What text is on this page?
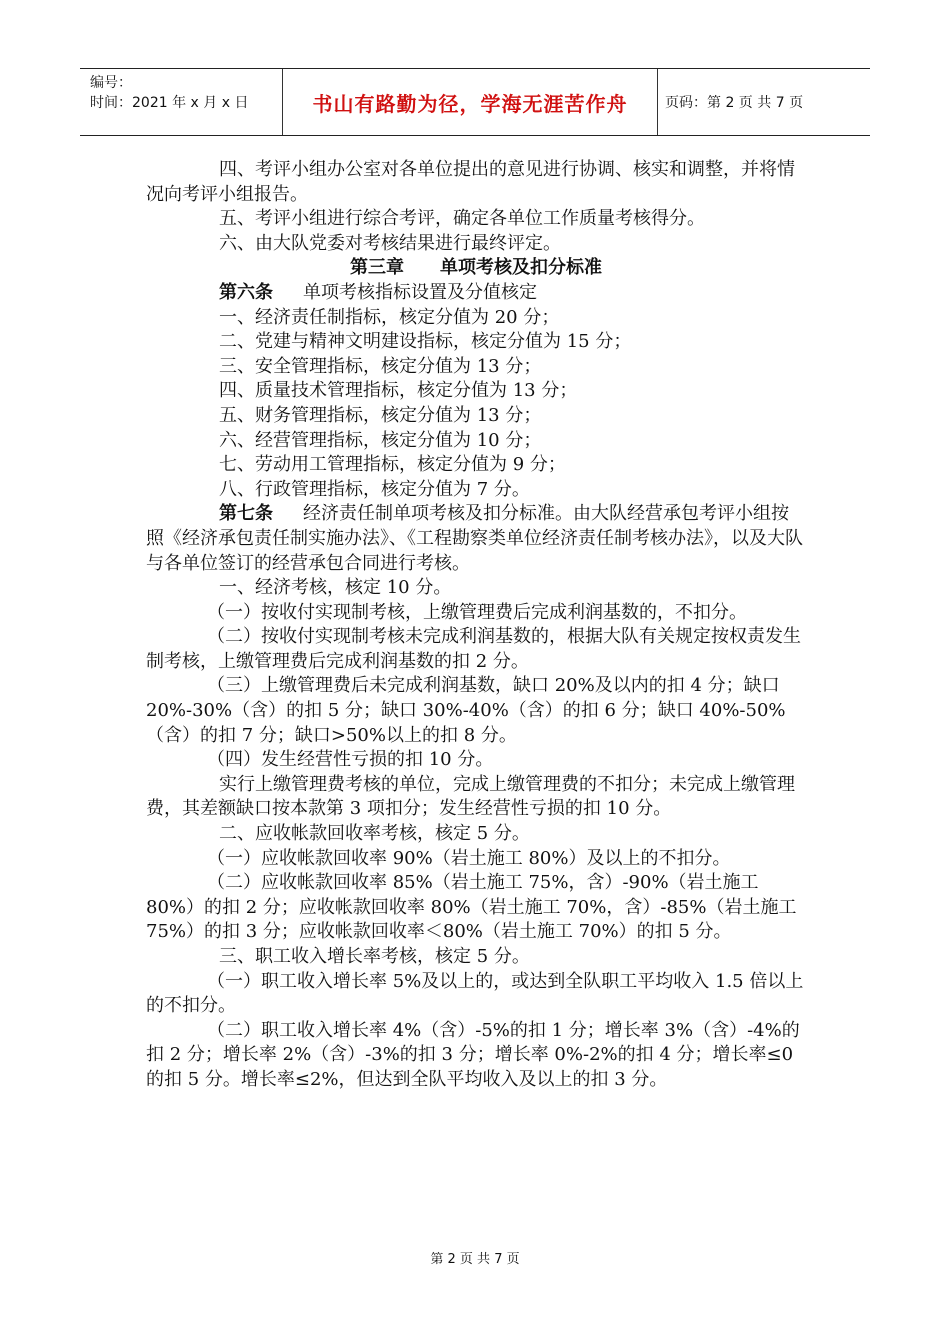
编号：
时间：2021 年 x 月 x 日	书山有路勤为径，学海无涯苦作舟	页码：第 2 页 共 7 页

四、考评小组办公室对各单位提出的意见进行协调、核实和调整，并将情况向考评小组报告。

五、考评小组进行综合考评，确定各单位工作质量考核得分。

六、由大队党委对考核结果进行最终评定。

第三章 单项考核及扣分标准

第六条 单项考核指标设置及分值核定

一、经济责任制指标，核定分值为 20 分；

二、党建与精神文明建设指标，核定分值为 15 分；

三、安全管理指标，核定分值为 13 分；

四、质量技术管理指标，核定分值为 13 分；

五、财务管理指标，核定分值为 13 分；

六、经营管理指标，核定分值为 10 分；

七、劳动用工管理指标，核定分值为 9 分；

八、行政管理指标，核定分值为 7 分。

第七条 经济责任制单项考核及扣分标准。由大队经营承包考评小组按照《经济承包责任制实施办法》、《工程勘察类单位经济责任制考核办法》，以及大队与各单位签订的经营承包合同进行考核。

一、经济考核，核定 10 分。

（一）按收付实现制考核，上缴管理费后完成利润基数的，不扣分。

（二）按收付实现制考核未完成利润基数的，根据大队有关规定按权责发生制考核，上缴管理费后完成利润基数的扣 2 分。

（三）上缴管理费后未完成利润基数，缺口 20%及以内的扣 4 分；缺口 20%-30%（含）的扣 5 分；缺口 30%-40%（含）的扣 6 分；缺口 40%-50%（含）的扣 7 分；缺口>50%以上的扣 8 分。

（四）发生经营性亏损的扣 10 分。

实行上缴管理费考核的单位，完成上缴管理费的不扣分；未完成上缴管理费，其差额缺口按本款第 3 项扣分；发生经营性亏损的扣 10 分。

二、应收帐款回收率考核，核定 5 分。

（一）应收帐款回收率 90%（岩土施工 80%）及以上的不扣分。

（二）应收帐款回收率 85%（岩土施工 75%，含）-90%（岩土施工 80%）的扣 2 分；应收帐款回收率 80%（岩土施工 70%，含）-85%（岩土施工 75%）的扣 3 分；应收帐款回收率＜80%（岩土施工 70%）的扣 5 分。

三、职工收入增长率考核，核定 5 分。

（一）职工收入增长率 5%及以上的，或达到全队职工平均收入 1.5 倍以上的不扣分。

（二）职工收入增长率 4%（含）-5%的扣 1 分；增长率 3%（含）-4%的扣 2 分；增长率 2%（含）-3%的扣 3 分；增长率 0%-2%的扣 4 分；增长率≤0 的扣 5 分。增长率≤2%，但达到全队平均收入及以上的扣 3 分。

第 2 页 共 7 页
